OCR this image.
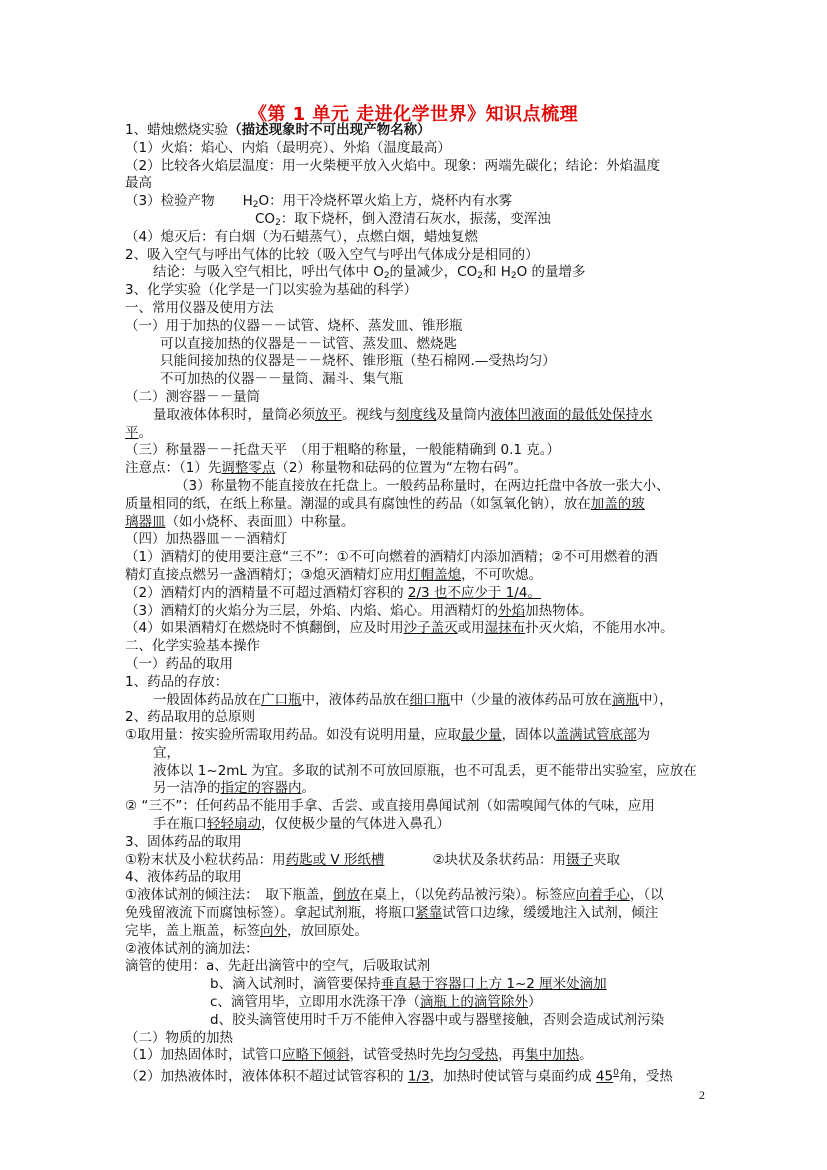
《第 1 单元 走进化学世界》知识点梳理
1、蜡烛燃烧实验（描述现象时不可出现产物名称）
（1）火焰：焰心、内焰（最明亮）、外焰（温度最高）
（2）比较各火焰层温度：用一火柴梗平放入火焰中。现象：两端先碳化；结论：外焰温度
最高
（3）检验产物 $H_2O$：用干冷烧杯罩火焰上方，烧杯内有水雾
$CO_2$：取下烧杯，倒入澄清石灰水，振荡，变浑浊
（4）熄灭后：有白烟（为石蜡蒸气），点燃白烟，蜡烛复燃
2、吸入空气与呼出气体的比较（吸入空气与呼出气体成分是相同的）
结论：与吸入空气相比，呼出气体中 $O_2$的量减少，$CO_2$和 $H_2O$ 的量增多
3、化学实验（化学是一门以实验为基础的科学）
一、常用仪器及使用方法
（一）用于加热的仪器－－试管、烧杯、蒸发皿、锥形瓶
可以直接加热的仪器是－－试管、蒸发皿、燃烧匙
只能间接加热的仪器是－－烧杯、锥形瓶（垫石棉网.—受热均匀）
不可加热的仪器－－量筒、漏斗、集气瓶
（二）测容器－－量筒
量取液体体积时，量筒必须放平。视线与刻度线及量筒内液体凹液面的最低处保持水
平。
（三）称量器－－托盘天平　（用于粗略的称量，一般能精确到 0.1 克。）
注意点：（1）先调整零点（2）称量物和砝码的位置为“左物右码”。
（3）称量物不能直接放在托盘上。一般药品称量时，在两边托盘中各放一张大小、
质量相同的纸，在纸上称量。潮湿的或具有腐蚀性的药品（如氢氧化钠），放在加盖的玻
璃器皿（如小烧杯、表面皿）中称量。
（四）加热器皿－－酒精灯
（1）酒精灯的使用要注意“三不”：①不可向燃着的酒精灯内添加酒精；②不可用燃着的酒
精灯直接点燃另一盏酒精灯；③熄灭酒精灯应用灯帽盖熄，不可吹熄。
（2）酒精灯内的酒精量不可超过酒精灯容积的 2/3 也不应少于 1/4。
（3）酒精灯的火焰分为三层，外焰、内焰、焰心。用酒精灯的外焰加热物体。
（4）如果酒精灯在燃烧时不慎翻倒，应及时用沙子盖灭或用湿抹布扑灭火焰，不能用水冲。
二、化学实验基本操作
（一）药品的取用
1、药品的存放：
一般固体药品放在广口瓶中，液体药品放在细口瓶中（少量的液体药品可放在滴瓶中），
2、药品取用的总原则
①取用量：按实验所需取用药品。如没有说明用量，应取最少量，固体以盖满试管底部为
宜，
液体以 1~2mL 为宜。多取的试剂不可放回原瓶，也不可乱丢，更不能带出实验室，应放在
另一洁净的指定的容器内。
② “三不”：任何药品不能用手拿、舌尝、或直接用鼻闻试剂（如需嗅闻气体的气味，应用
手在瓶口轻轻扇动，仅使极少量的气体进入鼻孔）
3、固体药品的取用
①粉末状及小粒状药品：用药匙或 V 形纸槽	②块状及条状药品：用镊子夹取
4、液体药品的取用
①液体试剂的倾注法：　取下瓶盖，倒放在桌上，（以免药品被污染）。标签应向着手心，（以
免残留液流下而腐蚀标签）。拿起试剂瓶，将瓶口紧靠试管口边缘，缓缓地注入试剂，倾注
完毕，盖上瓶盖，标签向外，放回原处。
②液体试剂的滴加法：
滴管的使用：a、先赶出滴管中的空气，后吸取试剂
b、滴入试剂时，滴管要保持垂直悬于容器口上方 1~2 厘米处滴加
c、滴管用毕，立即用水洗涤干净（滴瓶上的滴管除外）
d、胶头滴管使用时千万不能伸入容器中或与器壁接触，否则会造成试剂污染
（二）物质的加热
（1）加热固体时，试管口应略下倾斜，试管受热时先均匀受热，再集中加热。
（2）加热液体时，液体体积不超过试管容积的 1/3，加热时使试管与桌面约成 $45^0$角，受热
2
